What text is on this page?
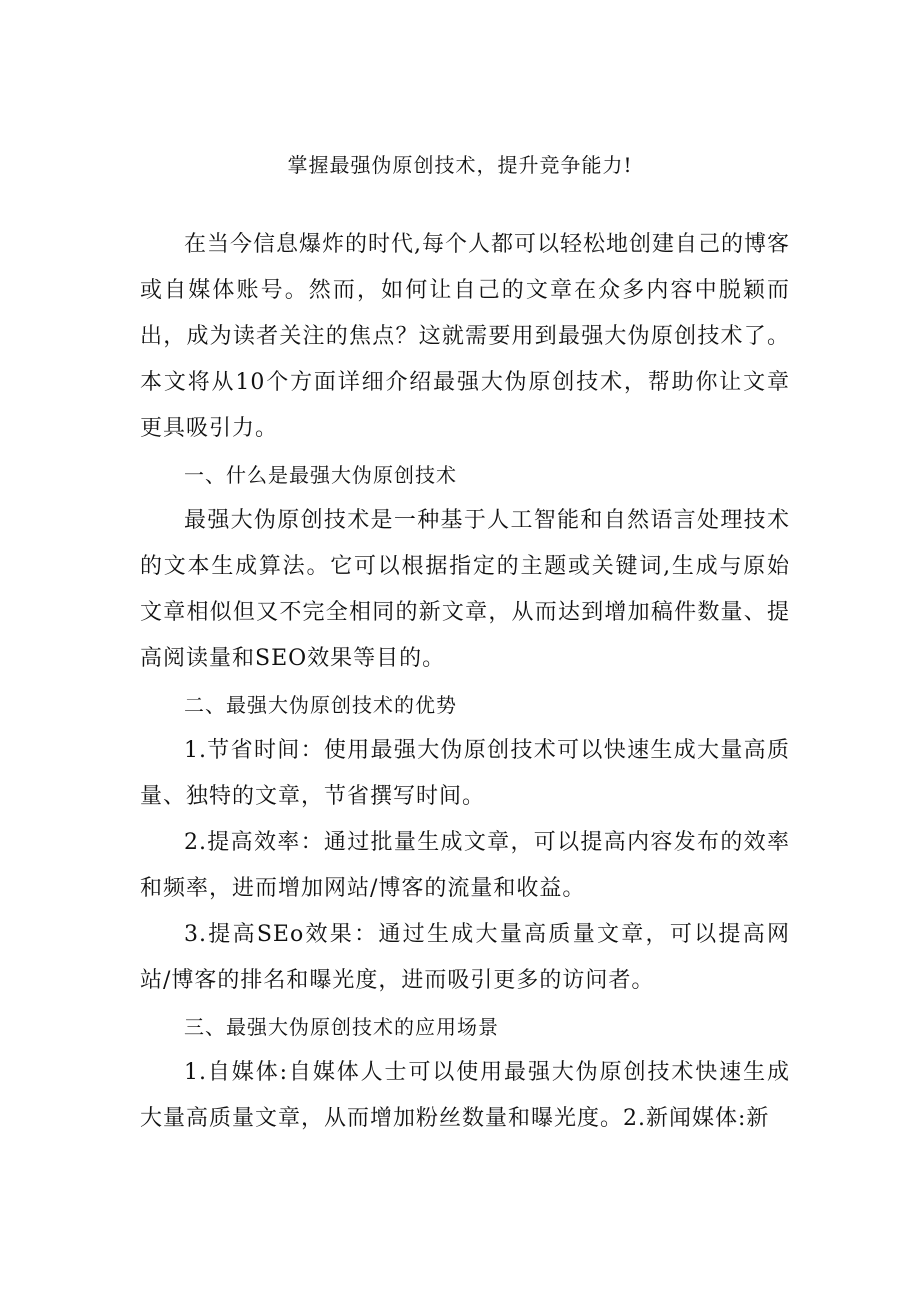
掌握最强伪原创技术，提升竞争能力!

在当今信息爆炸的时代,每个人都可以轻松地创建自己的博客或自媒体账号。然而，如何让自己的文章在众多内容中脱颖而出，成为读者关注的焦点？这就需要用到最强大伪原创技术了。本文将从10个方面详细介绍最强大伪原创技术，帮助你让文章更具吸引力。

一、什么是最强大伪原创技术

最强大伪原创技术是一种基于人工智能和自然语言处理技术的文本生成算法。它可以根据指定的主题或关键词,生成与原始文章相似但又不完全相同的新文章，从而达到增加稿件数量、提高阅读量和SEO效果等目的。

二、最强大伪原创技术的优势

1.节省时间：使用最强大伪原创技术可以快速生成大量高质量、独特的文章，节省撰写时间。

2.提高效率：通过批量生成文章，可以提高内容发布的效率和频率，进而增加网站/博客的流量和收益。

3.提高SEo效果：通过生成大量高质量文章，可以提高网站/博客的排名和曝光度，进而吸引更多的访问者。

三、最强大伪原创技术的应用场景

1.自媒体:自媒体人士可以使用最强大伪原创技术快速生成大量高质量文章，从而增加粉丝数量和曝光度。2.新闻媒体:新
